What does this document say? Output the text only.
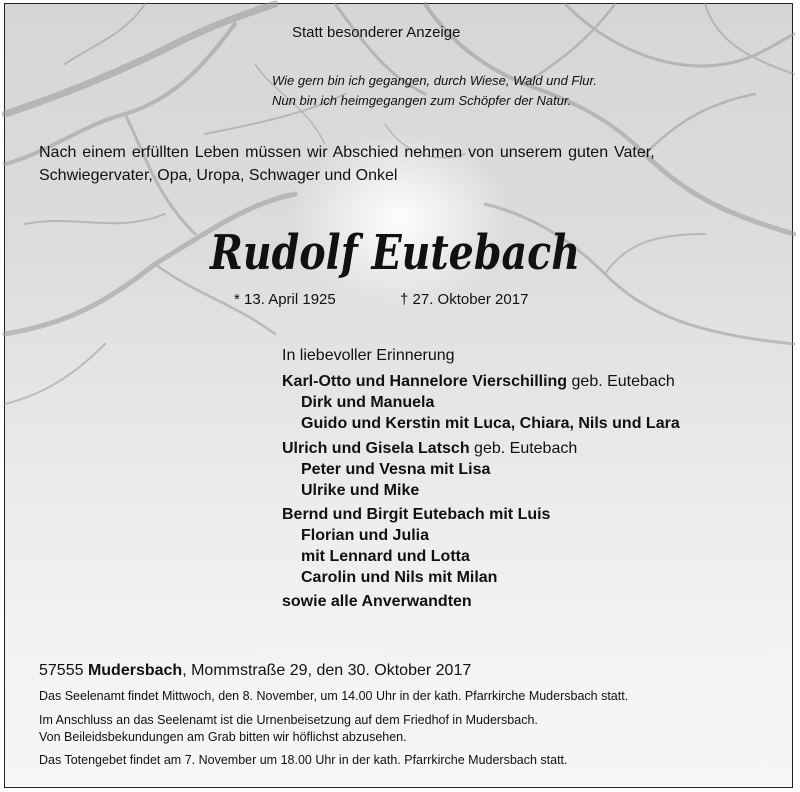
Statt besonderer Anzeige
Wie gern bin ich gegangen, durch Wiese, Wald und Flur.
Nun bin ich heimgegangen zum Schöpfer der Natur.
Nach einem erfüllten Leben müssen wir Abschied nehmen von unserem guten Vater,
Schwiegervater, Opa, Uropa, Schwager und Onkel
Rudolf Eutebach
* 13. April 1925	† 27. Oktober 2017
In liebevoller Erinnerung
Karl-Otto und Hannelore Vierschilling geb. Eutebach
Dirk und Manuela
Guido und Kerstin mit Luca, Chiara, Nils und Lara
Ulrich und Gisela Latsch geb. Eutebach
Peter und Vesna mit Lisa
Ulrike und Mike
Bernd und Birgit Eutebach mit Luis
Florian und Julia
mit Lennard und Lotta
Carolin und Nils mit Milan
sowie alle Anverwandten
57555 Mudersbach, Mommstraße 29, den 30. Oktober 2017
Das Seelenamt findet Mittwoch, den 8. November, um 14.00 Uhr in der kath. Pfarrkirche Mudersbach statt.
Im Anschluss an das Seelenamt ist die Urnenbeisetzung auf dem Friedhof in Mudersbach.
Von Beileidsbekundungen am Grab bitten wir höflichst abzusehen.
Das Totengebet findet am 7. November um 18.00 Uhr in der kath. Pfarrkirche Mudersbach statt.
